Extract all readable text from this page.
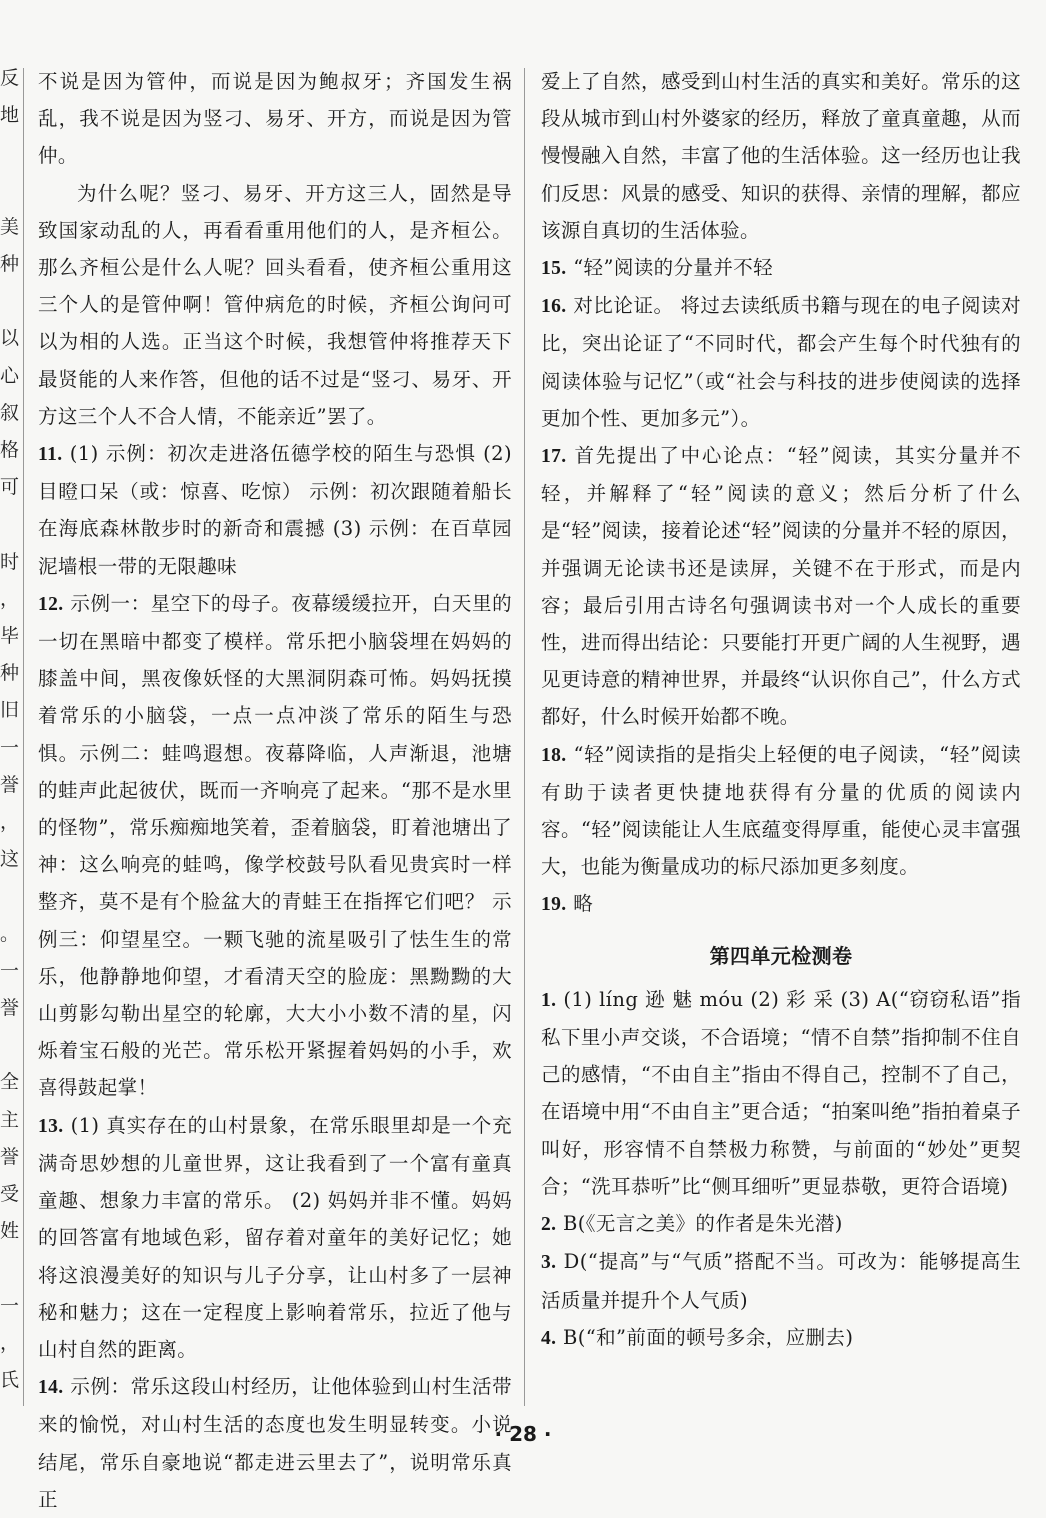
反
地
美
种
以
心
叙
格
可
时
，
毕
种
旧
一
誉
，
这
。
一
誉
全
主
誉
受
姓
一
，
氏

不说是因为管仲，而说是因为鲍叔牙；齐国发生祸乱，我不说是因为竖刁、易牙、开方，而说是因为管仲。

为什么呢？竖刁、易牙、开方这三人，固然是导致国家动乱的人，再看看重用他们的人，是齐桓公。那么齐桓公是什么人呢？回头看看，使齐桓公重用这三个人的是管仲啊！管仲病危的时候，齐桓公询问可以为相的人选。正当这个时候，我想管仲将推荐天下最贤能的人来作答，但他的话不过是“竖刁、易牙、开方这三个人不合人情，不能亲近”罢了。

11. (1) 示例：初次走进洛伍德学校的陌生与恐惧 (2) 目瞪口呆（或：惊喜、吃惊） 示例：初次跟随着船长在海底森林散步时的新奇和震撼 (3) 示例：在百草园泥墙根一带的无限趣味

12. 示例一：星空下的母子。夜幕缓缓拉开，白天里的一切在黑暗中都变了模样。常乐把小脑袋埋在妈妈的膝盖中间，黑夜像妖怪的大黑洞阴森可怖。妈妈抚摸着常乐的小脑袋，一点一点冲淡了常乐的陌生与恐惧。示例二：蛙鸣遐想。夜幕降临，人声渐退，池塘的蛙声此起彼伏，既而一齐响亮了起来。“那不是水里的怪物”，常乐痴痴地笑着，歪着脑袋，盯着池塘出了神：这么响亮的蛙鸣，像学校鼓号队看见贵宾时一样整齐，莫不是有个脸盆大的青蛙王在指挥它们吧？ 示例三：仰望星空。一颗飞驰的流星吸引了怯生生的常乐，他静静地仰望，才看清天空的脸庞：黑黝黝的大山剪影勾勒出星空的轮廓，大大小小数不清的星，闪烁着宝石般的光芒。常乐松开紧握着妈妈的小手，欢喜得鼓起掌！

13. (1) 真实存在的山村景象，在常乐眼里却是一个充满奇思妙想的儿童世界，这让我看到了一个富有童真童趣、想象力丰富的常乐。 (2) 妈妈并非不懂。妈妈的回答富有地域色彩，留存着对童年的美好记忆；她将这浪漫美好的知识与儿子分享，让山村多了一层神秘和魅力；这在一定程度上影响着常乐，拉近了他与山村自然的距离。

14. 示例：常乐这段山村经历，让他体验到山村生活带来的愉悦，对山村生活的态度也发生明显转变。小说结尾，常乐自豪地说“都走进云里去了”，说明常乐真正

爱上了自然，感受到山村生活的真实和美好。常乐的这段从城市到山村外婆家的经历，释放了童真童趣，从而慢慢融入自然，丰富了他的生活体验。这一经历也让我们反思：风景的感受、知识的获得、亲情的理解，都应该源自真切的生活体验。

15. “轻”阅读的分量并不轻

16. 对比论证。 将过去读纸质书籍与现在的电子阅读对比，突出论证了“不同时代，都会产生每个时代独有的阅读体验与记忆”（或“社会与科技的进步使阅读的选择更加个性、更加多元”）。

17. 首先提出了中心论点：“轻”阅读，其实分量并不轻，并解释了“轻”阅读的意义；然后分析了什么是“轻”阅读，接着论述“轻”阅读的分量并不轻的原因，并强调无论读书还是读屏，关键不在于形式，而是内容；最后引用古诗名句强调读书对一个人成长的重要性，进而得出结论：只要能打开更广阔的人生视野，遇见更诗意的精神世界，并最终“认识你自己”，什么方式都好，什么时候开始都不晚。

18. “轻”阅读指的是指尖上轻便的电子阅读，“轻”阅读有助于读者更快捷地获得有分量的优质的阅读内容。“轻”阅读能让人生底蕴变得厚重，能使心灵丰富强大，也能为衡量成功的标尺添加更多刻度。

19. 略

第四单元检测卷

1. (1) líng 逊 魅 móu (2) 彩 采 (3) A(“窃窃私语”指私下里小声交谈，不合语境；“情不自禁”指抑制不住自己的感情，“不由自主”指由不得自己，控制不了自己，在语境中用“不由自主”更合适；“拍案叫绝”指拍着桌子叫好，形容情不自禁极力称赞，与前面的“妙处”更契合；“洗耳恭听”比“侧耳细听”更显恭敬，更符合语境)

2. B(《无言之美》的作者是朱光潜)

3. D(“提高”与“气质”搭配不当。可改为：能够提高生活质量并提升个人气质)

4. B(“和”前面的顿号多余，应删去)

· 28 ·
